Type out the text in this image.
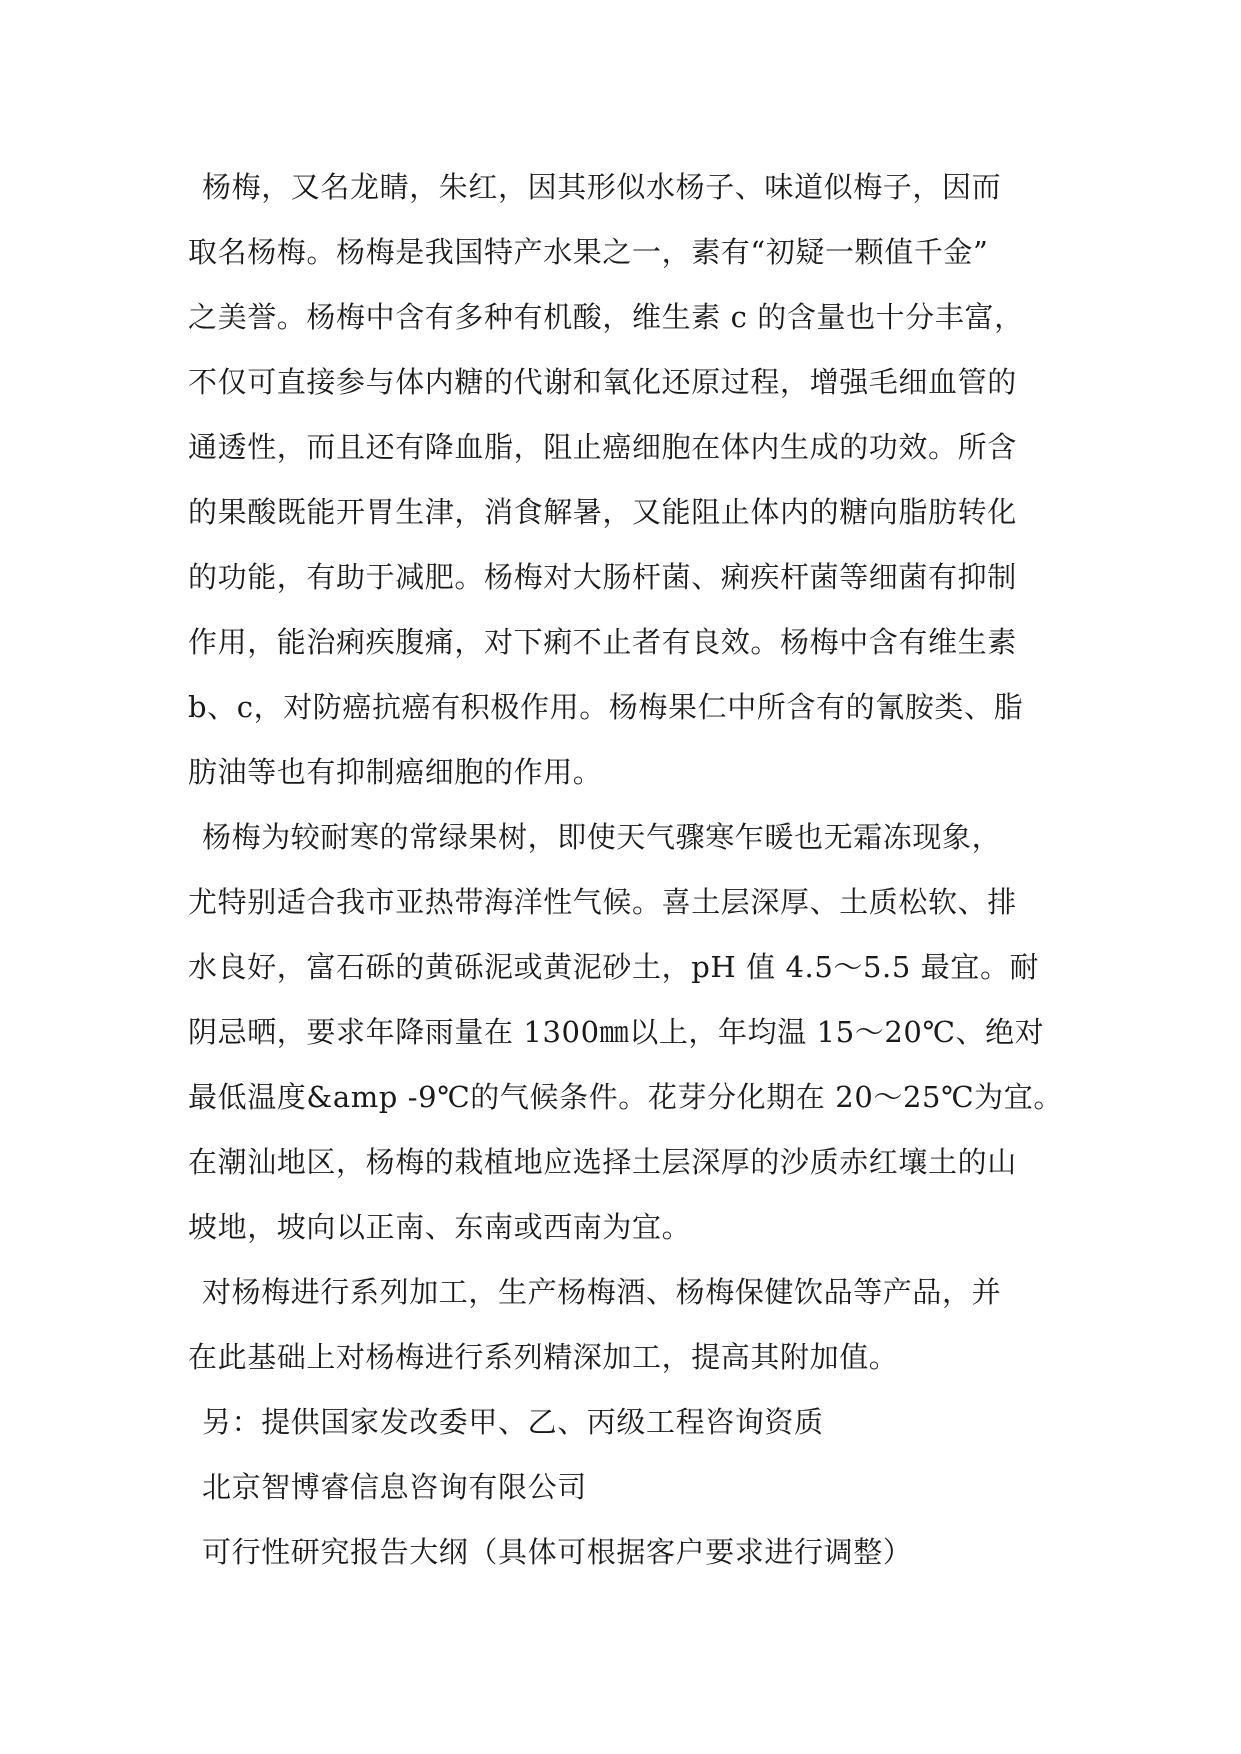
杨梅，又名龙睛，朱红，因其形似水杨子、味道似梅子，因而
取名杨梅。杨梅是我国特产水果之一，素有“初疑一颗值千金”
之美誉。杨梅中含有多种有机酸，维生素 c 的含量也十分丰富，
不仅可直接参与体内糖的代谢和氧化还原过程，增强毛细血管的
通透性，而且还有降血脂，阻止癌细胞在体内生成的功效。所含
的果酸既能开胃生津，消食解暑，又能阻止体内的糖向脂肪转化
的功能，有助于减肥。杨梅对大肠杆菌、痢疾杆菌等细菌有抑制
作用，能治痢疾腹痛，对下痢不止者有良效。杨梅中含有维生素
b、c，对防癌抗癌有积极作用。杨梅果仁中所含有的氰胺类、脂
肪油等也有抑制癌细胞的作用。
杨梅为较耐寒的常绿果树，即使天气骤寒乍暖也无霜冻现象，
尤特别适合我市亚热带海洋性气候。喜土层深厚、土质松软、排
水良好，富石砾的黄砾泥或黄泥砂土，pH 值 4.5～5.5 最宜。耐
阴忌晒，要求年降雨量在 1300㎜以上，年均温 15～20℃、绝对
最低温度&amp -9℃的气候条件。花芽分化期在 20～25℃为宜。
在潮汕地区，杨梅的栽植地应选择土层深厚的沙质赤红壤土的山
坡地，坡向以正南、东南或西南为宜。
对杨梅进行系列加工，生产杨梅酒、杨梅保健饮品等产品，并
在此基础上对杨梅进行系列精深加工，提高其附加值。
另：提供国家发改委甲、乙、丙级工程咨询资质
北京智博睿信息咨询有限公司
可行性研究报告大纲（具体可根据客户要求进行调整）
